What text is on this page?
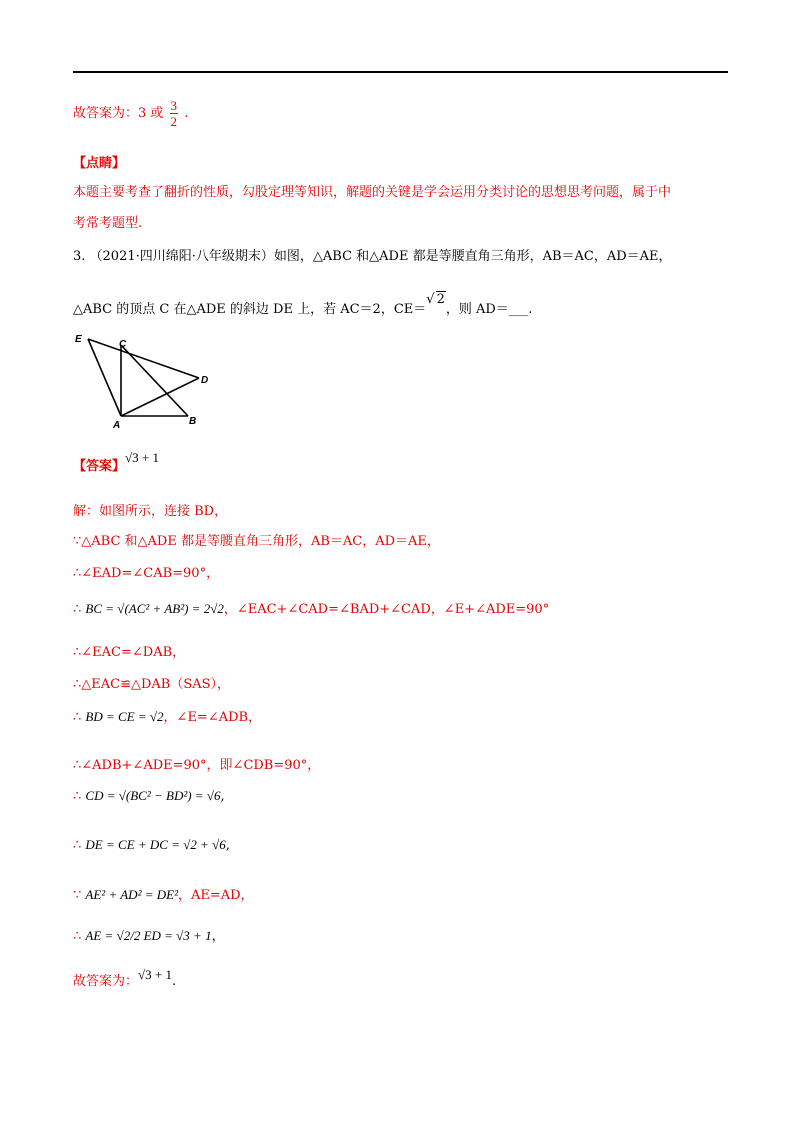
故答案为：3 或 $\frac{3}{2}$ .
【点睛】
本题主要考查了翻折的性质，勾股定理等知识，解题的关键是学会运用分类讨论的思想思考问题，属于中
考常考题型.
3. （2021·四川绵阳·八年级期末）如图，△ABC 和△ADE 都是等腰直角三角形，AB＝AC，AD＝AE，
△ABC 的顶点 C 在△ADE 的斜边 DE 上，若 AC＝2，CE＝√ 2，则 AD＝___.
E	C
D
A	B
【答案】√3 + 1
解：如图所示，连接 BD，
∵△ABC 和△ADE 都是等腰直角三角形，AB＝AC，AD＝AE，
∴∠EAD=∠CAB=90°，
∴ BC = √(AC² + AB²) = 2√2，∠EAC+∠CAD=∠BAD+∠CAD，∠E+∠ADE=90°
∴∠EAC=∠DAB，
∴△EAC≌△DAB（SAS），
∴ BD = CE = √2，∠E=∠ADB，
∴∠ADB+∠ADE=90°，即∠CDB=90°，
∴ CD = √(BC² − BD²) = √6,
∴ DE = CE + DC = √2 + √6,
∵ AE² + AD² = DE²，AE=AD，
∴ AE = √2/2 ED = √3 + 1，
故答案为：√3 + 1.
